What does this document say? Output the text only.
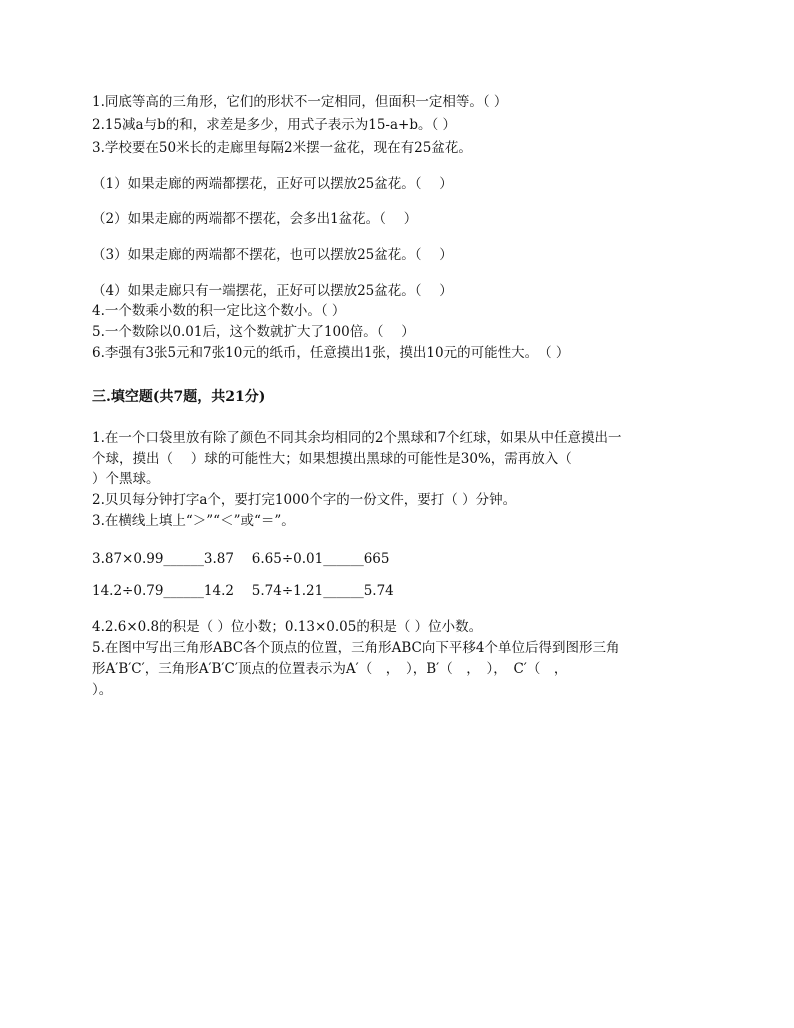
1.同底等高的三角形，它们的形状不一定相同，但面积一定相等。（ ）
2.15减a与b的和，求差是多少，用式子表示为15-a+b。（ ）
3.学校要在50米长的走廊里每隔2米摆一盆花，现在有25盆花。
（1）如果走廊的两端都摆花，正好可以摆放25盆花。（　 ）
（2）如果走廊的两端都不摆花，会多出1盆花。（　 ）
（3）如果走廊的两端都不摆花，也可以摆放25盆花。（　 ）
（4）如果走廊只有一端摆花，正好可以摆放25盆花。（　 ）
4.一个数乘小数的积一定比这个数小。（ ）
5.一个数除以0.01后，这个数就扩大了100倍。（　 ）
6.李强有3张5元和7张10元的纸币，任意摸出1张，摸出10元的可能性大。　（ ）
三.填空题(共7题，共21分)
1.在一个口袋里放有除了颜色不同其余均相同的2个黑球和7个红球，如果从中任意摸出一
个球，摸出（　 ）球的可能性大；如果想摸出黑球的可能性是30%，需再放入（
）个黑球。
2.贝贝每分钟打字a个，要打完1000个字的一份文件，要打（ ）分钟。
3.在横线上填上“＞”“＜”或“＝”。
3.87×0.99______3.87　 6.65÷0.01______665
14.2÷0.79______14.2　 5.74÷1.21______5.74
4.2.6×0.8的积是（ ）位小数；0.13×0.05的积是（ ）位小数。
5.在图中写出三角形ABC各个顶点的位置，三角形ABC向下平移4个单位后得到图形三角
形A′B′C′，三角形A′B′C′顶点的位置表示为A′（　，　），B′（　，　），　C′（　，
）。
